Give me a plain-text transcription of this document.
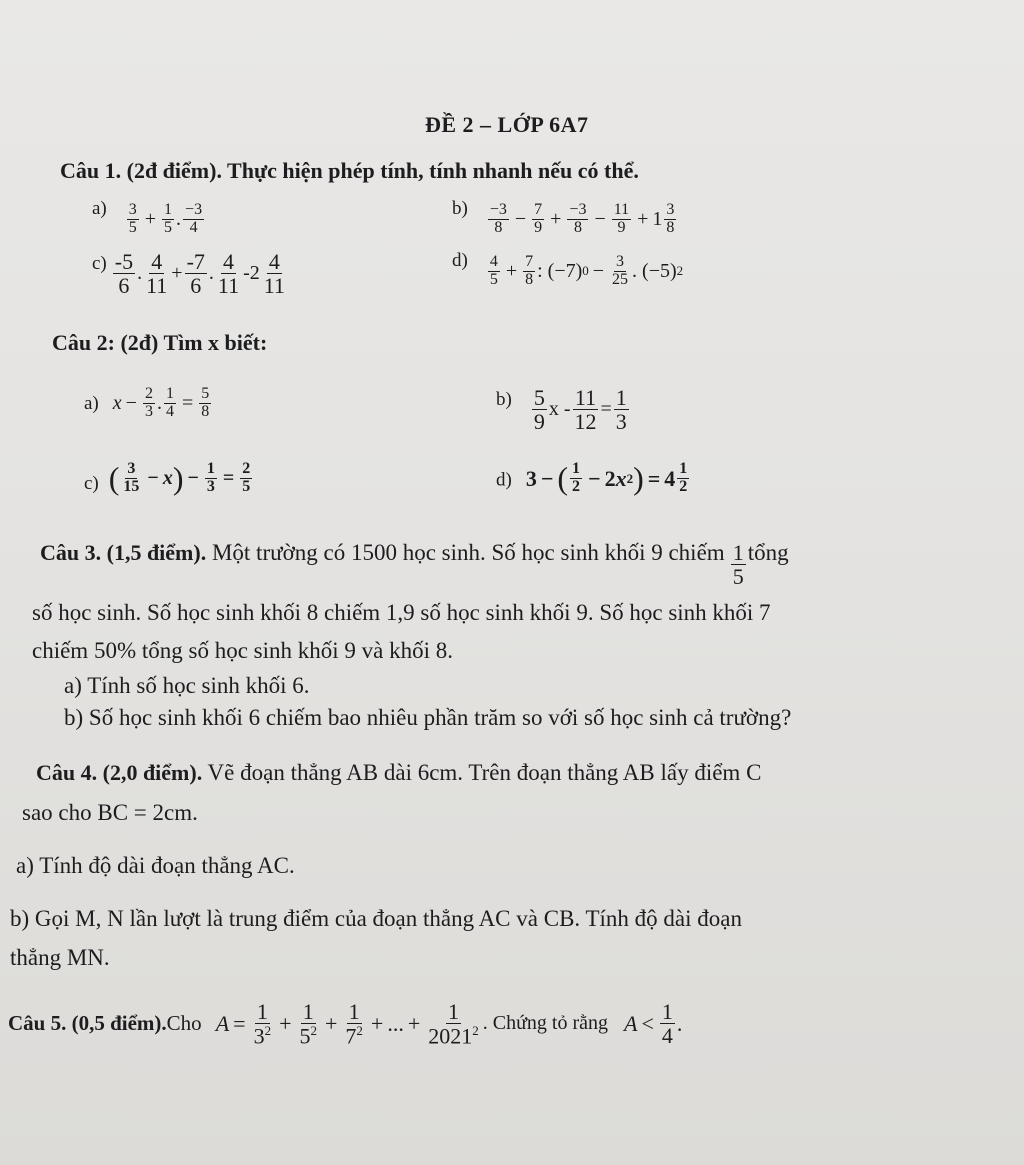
ĐỀ 2 – LỚP 6A7
Câu 1. (2đ điểm). Thực hiện phép tính, tính nhanh nếu có thể.
$a) \frac{3}{5} + \frac{1}{5}$ . $\frac{-3}{4}$	$b) \frac{-3}{8} - \frac{7}{9} + \frac{-3}{8} - \frac{11}{9} + 1 \frac{3}{8}$
$c) \frac{-5}{6}$ . $\frac{4}{11} + \frac{-7}{6}$ . $\frac{4}{11} -2 \frac{4}{11}$	$d) \frac{4}{5} + \frac{7}{8}$ : (−7) $0 - \frac{3}{25}$ . (−5) 2
Câu 2: (2đ) Tìm x biết:
a) $x - \frac{2}{3}$ . $\frac{1}{4} = \frac{5}{8}$	$b) \frac{5}{9}$ $x - \frac{11}{12} = \frac{1}{3}$
c) ( $\frac{3}{15} - x$ ) − $\frac{1}{3} = \frac{2}{5}$	d) 3 − ( $\frac{1}{2} - 2$ x 2 ) = $4 \frac{1}{2}$
Câu 3. (1,5 điểm). Một trường có 1500 học sinh. Số học sinh khối 9 chiếm $\frac{1}{5}$ tổng
số học sinh. Số học sinh khối 8 chiếm 1,9 số học sinh khối 9. Số học sinh khối 7
chiếm 50% tổng số học sinh khối 9 và khối 8.
a) Tính số học sinh khối 6.
b) Số học sinh khối 6 chiếm bao nhiêu phần trăm so với số học sinh cả trường?
Câu 4. (2,0 điểm). Vẽ đoạn thẳng AB dài 6cm. Trên đoạn thẳng AB lấy điểm C
sao cho BC = 2cm.
a) Tính độ dài đoạn thẳng AC.
b) Gọi M, N lần lượt là trung điểm của đoạn thẳng AC và CB. Tính độ dài đoạn
thẳng MN.
Câu 5. (0,5 điểm). Cho $A = \frac{1}{3^2} + \frac{1}{5^2} + \frac{1}{7^2}$ + ... + $\frac{1}{2021^2}$ . Chứng tỏ rằng $A < \frac{1}{4}$ .
